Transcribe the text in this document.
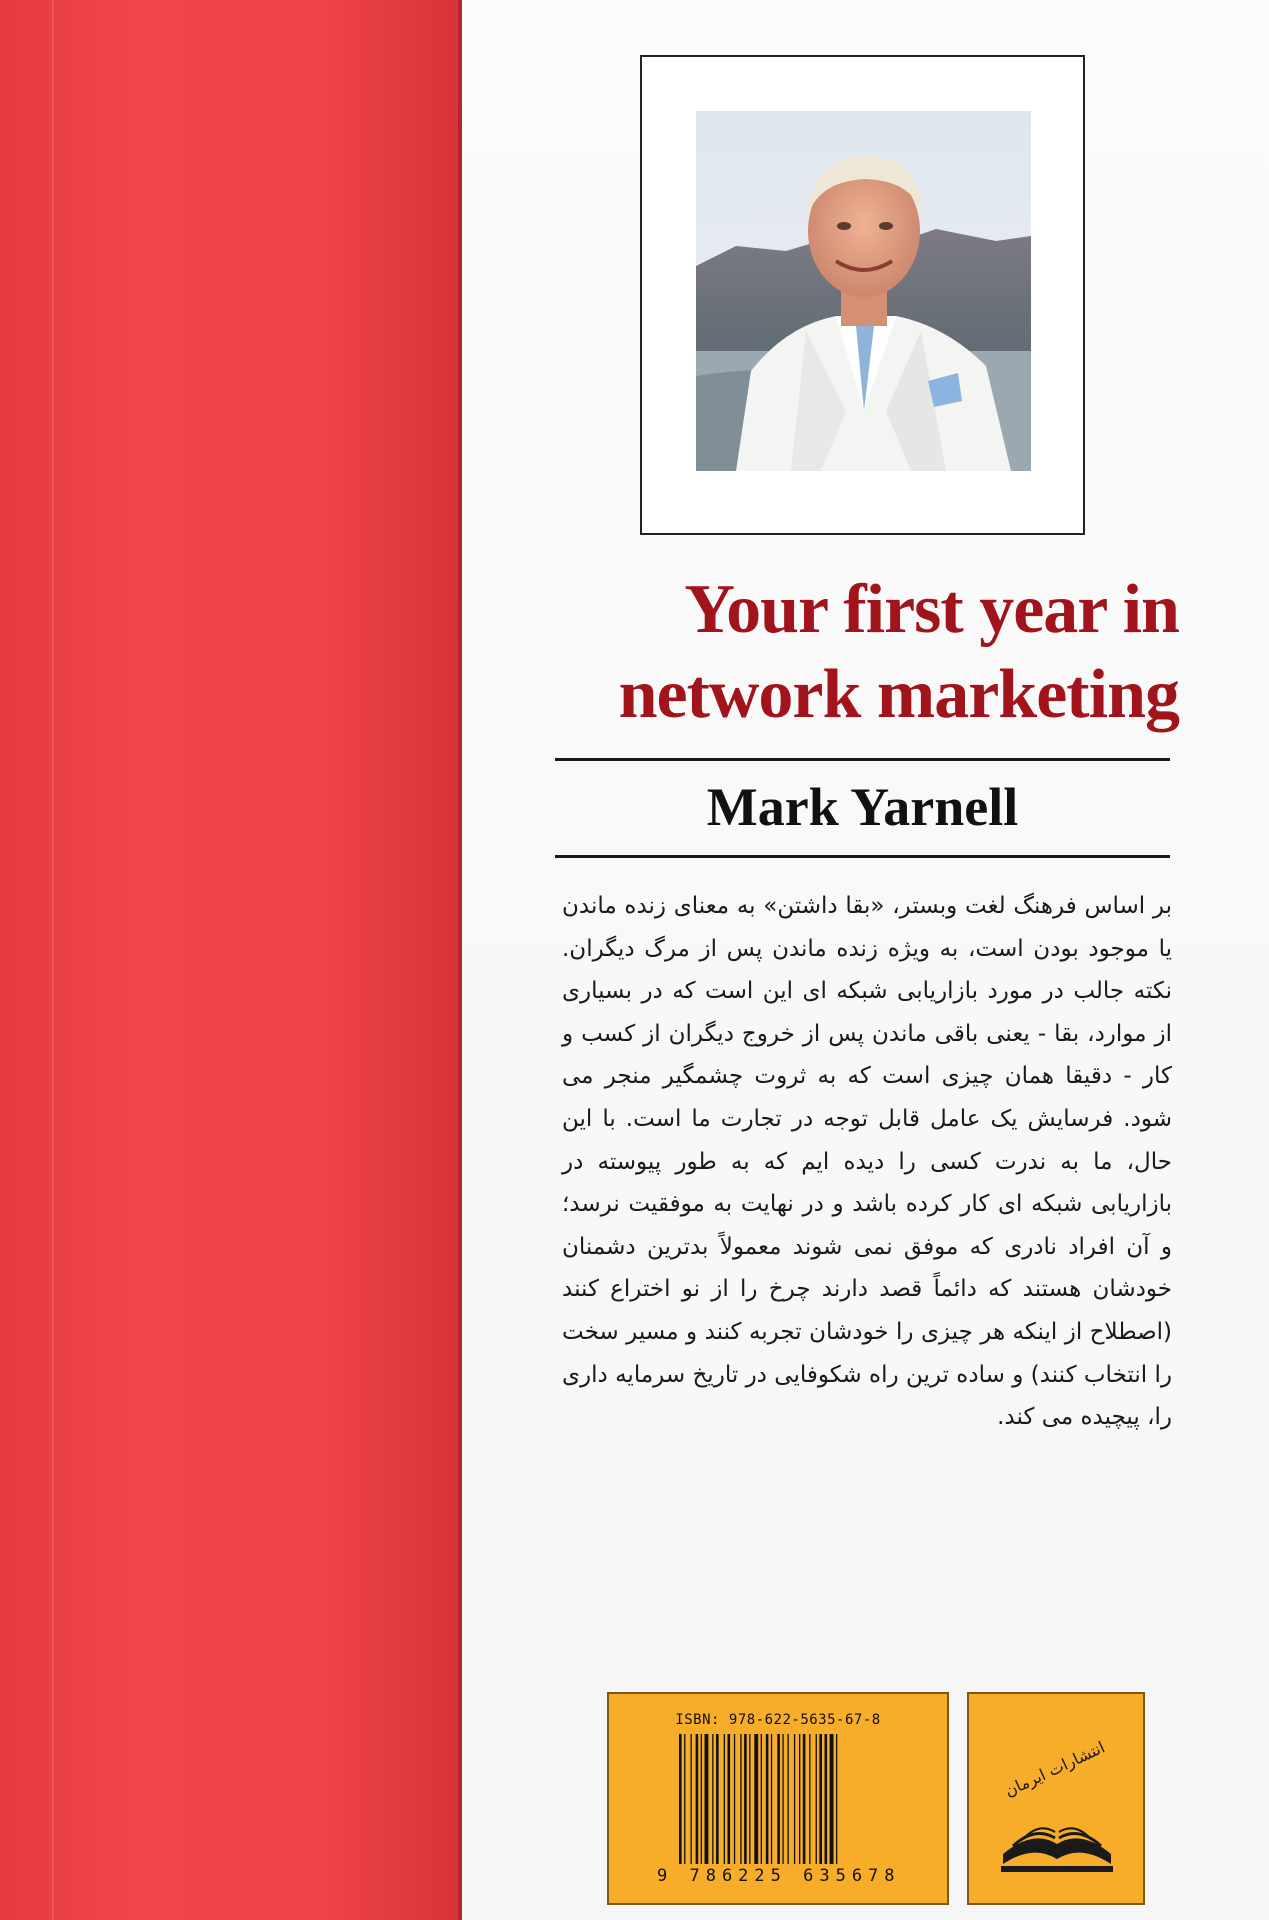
Your first year in
network marketing
Mark Yarnell

بر اساس فرهنگ لغت وبستر، «بقا داشتن» به معنای زنده ماندن یا موجود بودن است، به ویژه زنده ماندن پس از مرگ دیگران. نکته جالب در مورد بازاریابی شبکه ای این است که در بسیاری از موارد، بقا - یعنی باقی ماندن پس از خروج دیگران از کسب و کار - دقیقا همان چیزی است که به ثروت چشمگیر منجر می شود. فرسایش یک عامل قابل توجه در تجارت ما است. با این حال، ما به ندرت کسی را دیده ایم که به طور پیوسته در بازاریابی شبکه ای کار کرده باشد و در نهایت به موفقیت نرسد؛ و آن افراد نادری که موفق نمی شوند معمولاً بدترین دشمنان خودشان هستند که دائماً قصد دارند چرخ را از نو اختراع کنند (اصطلاح از اینکه هر چیزی را خودشان تجربه کنند و مسیر سخت را انتخاب کنند) و ساده ترین راه شکوفایی در تاریخ سرمایه داری را، پیچیده می کند.

ISBN: 978-622-5635-67-8
9 786225 635678
انتشارات ایرمان
